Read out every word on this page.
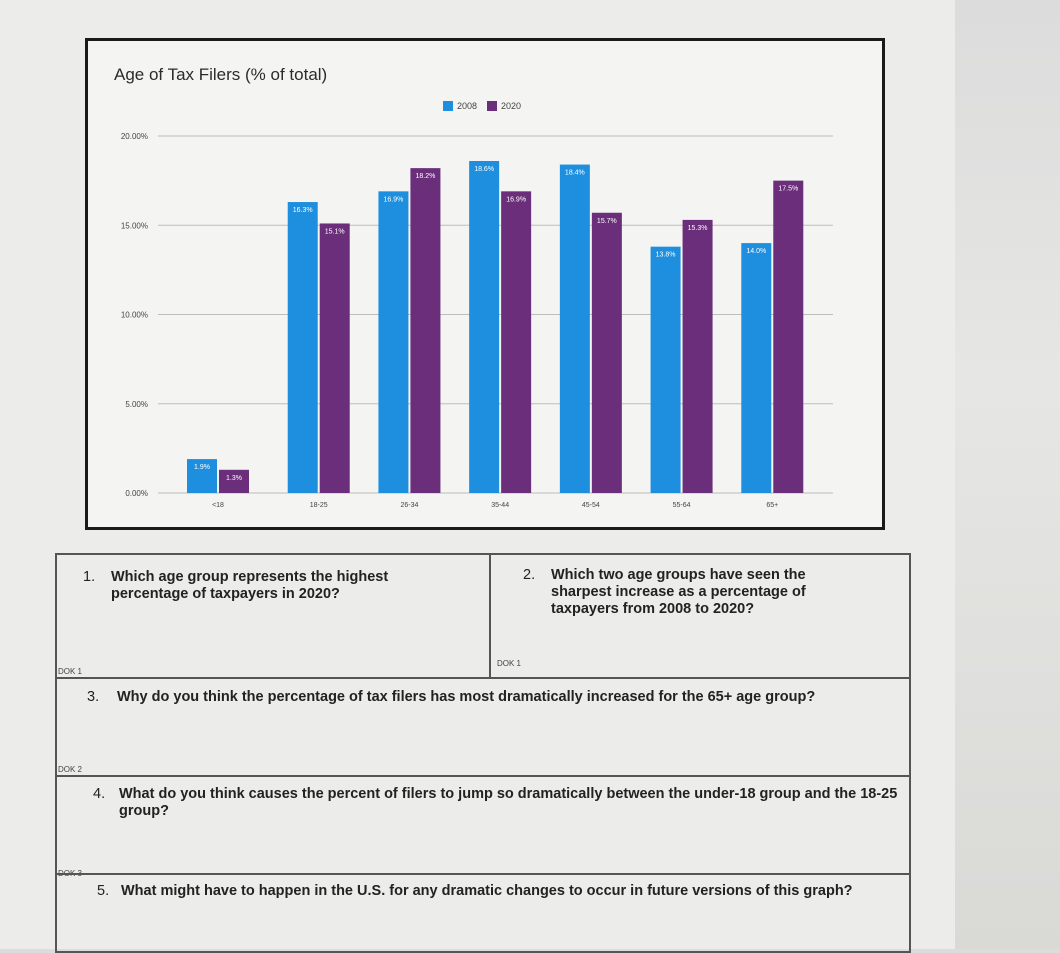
Age of Tax Filers (% of total)
2008	2020
0.00%
5.00%
10.00%
15.00%
20.00%
1.9%
1.3%
<18
16.3%
15.1%
18-25
16.9%
18.2%
26-34
18.6%
16.9%
35-44
18.4%
15.7%
45-54
13.8%
15.3%
55-64
14.0%
17.5%
65+
1. Which age group represents the highest percentage of taxpayers in 2020?
DOK 1
2. Which two age groups have seen the sharpest increase as a percentage of taxpayers from 2008 to 2020?
DOK 1
3. Why do you think the percentage of tax filers has most dramatically increased for the 65+ age group?
DOK 2
4. What do you think causes the percent of filers to jump so dramatically between the under-18 group and the 18-25 group?
DOK 3
5. What might have to happen in the U.S. for any dramatic changes to occur in future versions of this graph?
